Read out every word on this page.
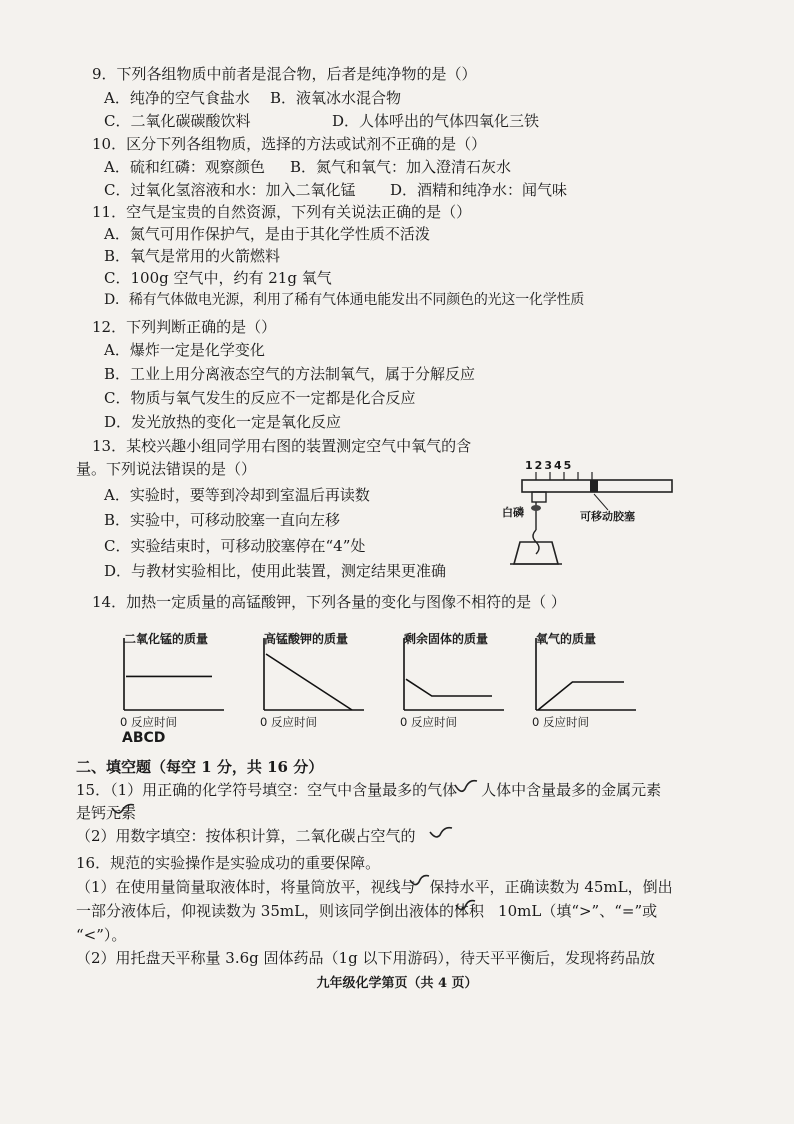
9．下列各组物质中前者是混合物，后者是纯净物的是（）
A．纯净的空气食盐水 B．液氧冰水混合物
C．二氧化碳碳酸饮料	D．人体呼出的气体四氧化三铁
10．区分下列各组物质，选择的方法或试剂不正确的是（）
A．硫和红磷：观察颜色 B．氮气和氧气：加入澄清石灰水
C．过氧化氢溶液和水：加入二氧化锰 D．酒精和纯净水：闻气味
11．空气是宝贵的自然资源，下列有关说法正确的是（）
A．氮气可用作保护气，是由于其化学性质不活泼
B．氧气是常用的火箭燃料
C．100g 空气中，约有 21g 氧气
D．稀有气体做电光源，利用了稀有气体通电能发出不同颜色的光这一化学性质
12．下列判断正确的是（）
A．爆炸一定是化学变化
B．工业上用分离液态空气的方法制氧气，属于分解反应
C．物质与氧气发生的反应不一定都是化合反应
D．发光放热的变化一定是氧化反应
13．某校兴趣小组同学用右图的装置测定空气中氧气的含
量。下列说法错误的是（）
A．实验时，要等到冷却到室温后再读数
B．实验中，可移动胶塞一直向左移
C．实验结束时，可移动胶塞停在“4”处
D．与教材实验相比，使用此装置，测定结果更准确
12345
白磷	可移动胶塞
14．加热一定质量的高锰酸钾，下列各量的变化与图像不相符的是（ ）
二氧化锰的质量
0 反应时间
高锰酸钾的质量
0 反应时间
剩余固体的质量
0 反应时间
氧气的质量
0 反应时间
ABCD
二、填空题（每空 1 分，共 16 分）
15．（1）用正确的化学符号填空：空气中含量最多的气体 人体中含量最多的金属元素
是钙元素
（2）用数字填空：按体积计算，二氧化碳占空气的
16．规范的实验操作是实验成功的重要保障。
（1）在使用量筒量取液体时，将量筒放平，视线与 保持水平，正确读数为 45mL，倒出
一部分液体后，仰视读数为 35mL，则该同学倒出液体的体积 10mL（填“>”、“=”或
“<”）。
（2）用托盘天平称量 3.6g 固体药品（1g 以下用游码），待天平平衡后，发现将药品放
九年级化学第页（共 4 页）
